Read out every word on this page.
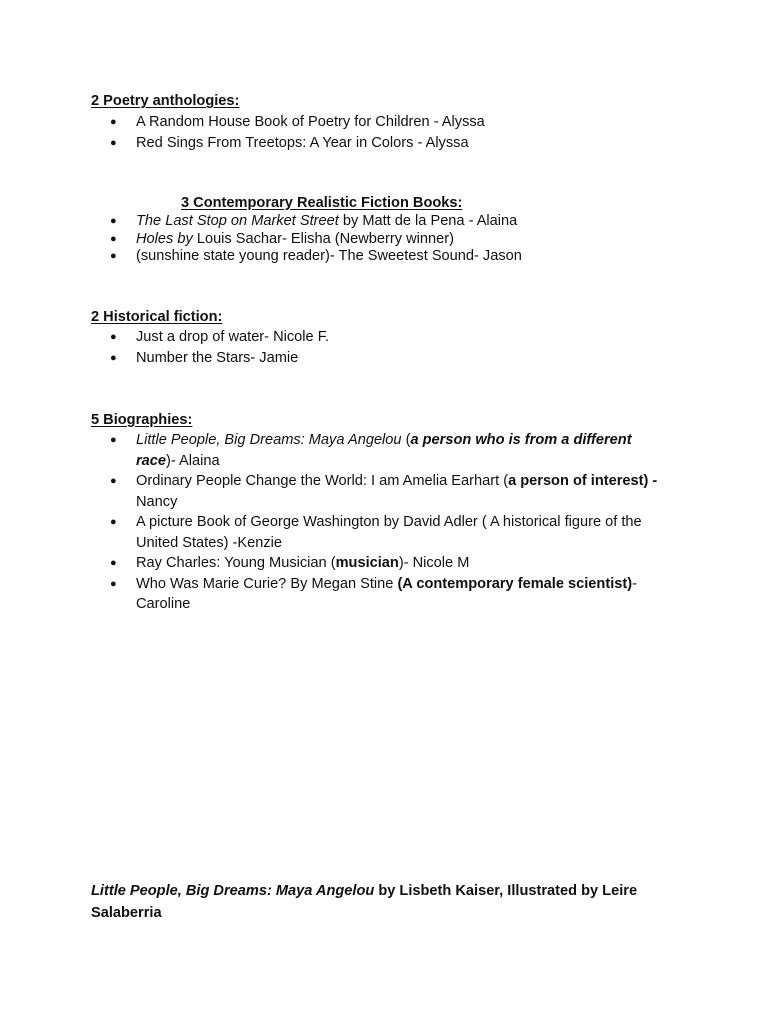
2 Poetry anthologies:
● A Random House Book of Poetry for Children - Alyssa
● Red Sings From Treetops: A Year in Colors - Alyssa
3 Contemporary Realistic Fiction Books:
● The Last Stop on Market Street by Matt de la Pena - Alaina
● Holes by Louis Sachar- Elisha (Newberry winner)
● (sunshine state young reader)- The Sweetest Sound- Jason
2 Historical fiction:
● Just a drop of water- Nicole F.
● Number the Stars- Jamie
5 Biographies:
● Little People, Big Dreams: Maya Angelou (a person who is from a different race)- Alaina
● Ordinary People Change the World: I am Amelia Earhart (a person of interest) -
Nancy
● A picture Book of George Washington by David Adler ( A historical figure of the United States) -Kenzie
● Ray Charles: Young Musician (musician)- Nicole M
● Who Was Marie Curie? By Megan Stine (A contemporary female scientist)- Caroline
Little People, Big Dreams: Maya Angelou by Lisbeth Kaiser, Illustrated by Leire Salaberria
